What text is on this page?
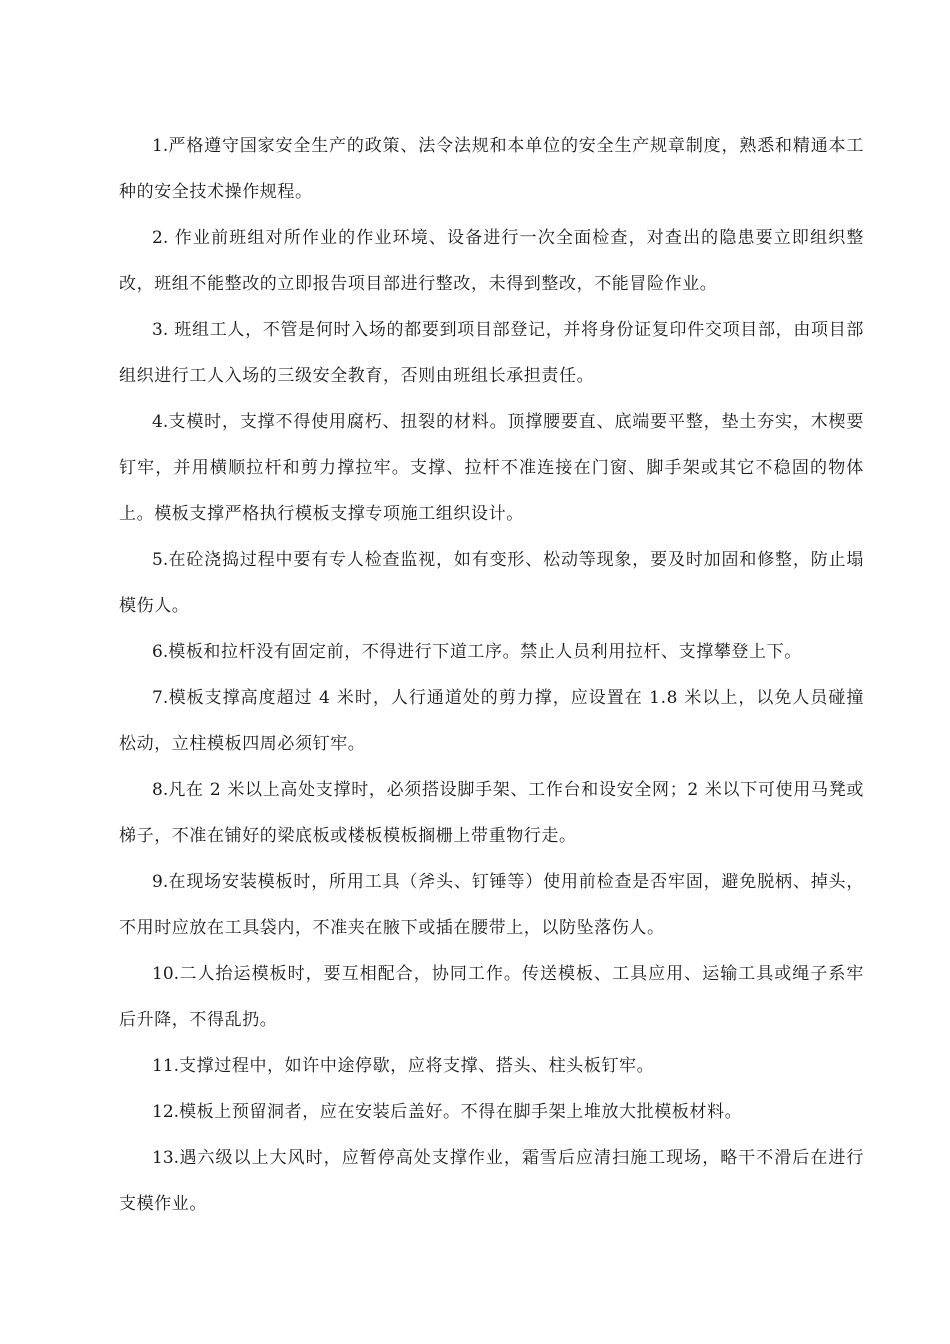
1.严格遵守国家安全生产的政策、法令法规和本单位的安全生产规章制度，熟悉和精通本工种的安全技术操作规程。

2. 作业前班组对所作业的作业环境、设备进行一次全面检查，对查出的隐患要立即组织整改，班组不能整改的立即报告项目部进行整改，未得到整改，不能冒险作业。

3. 班组工人，不管是何时入场的都要到项目部登记，并将身份证复印件交项目部，由项目部组织进行工人入场的三级安全教育，否则由班组长承担责任。

4.支模时，支撑不得使用腐朽、扭裂的材料。顶撑腰要直、底端要平整，垫土夯实，木楔要钉牢，并用横顺拉杆和剪力撑拉牢。支撑、拉杆不准连接在门窗、脚手架或其它不稳固的物体上。模板支撑严格执行模板支撑专项施工组织设计。

5.在砼浇捣过程中要有专人检查监视，如有变形、松动等现象，要及时加固和修整，防止塌模伤人。

6.模板和拉杆没有固定前，不得进行下道工序。禁止人员利用拉杆、支撑攀登上下。

7.模板支撑高度超过 4 米时，人行通道处的剪力撑，应设置在 1.8 米以上，以免人员碰撞松动，立柱模板四周必须钉牢。

8.凡在 2 米以上高处支撑时，必须搭设脚手架、工作台和设安全网；2 米以下可使用马凳或梯子，不准在铺好的梁底板或楼板模板搁栅上带重物行走。

9.在现场安装模板时，所用工具（斧头、钉锤等）使用前检查是否牢固，避免脱柄、掉头，不用时应放在工具袋内，不准夹在腋下或插在腰带上，以防坠落伤人。

10.二人抬运模板时，要互相配合，协同工作。传送模板、工具应用、运输工具或绳子系牢后升降，不得乱扔。

11.支撑过程中，如许中途停歇，应将支撑、搭头、柱头板钉牢。

12.模板上预留洞者，应在安装后盖好。不得在脚手架上堆放大批模板材料。

13.遇六级以上大风时，应暂停高处支撑作业，霜雪后应清扫施工现场，略干不滑后在进行支模作业。
